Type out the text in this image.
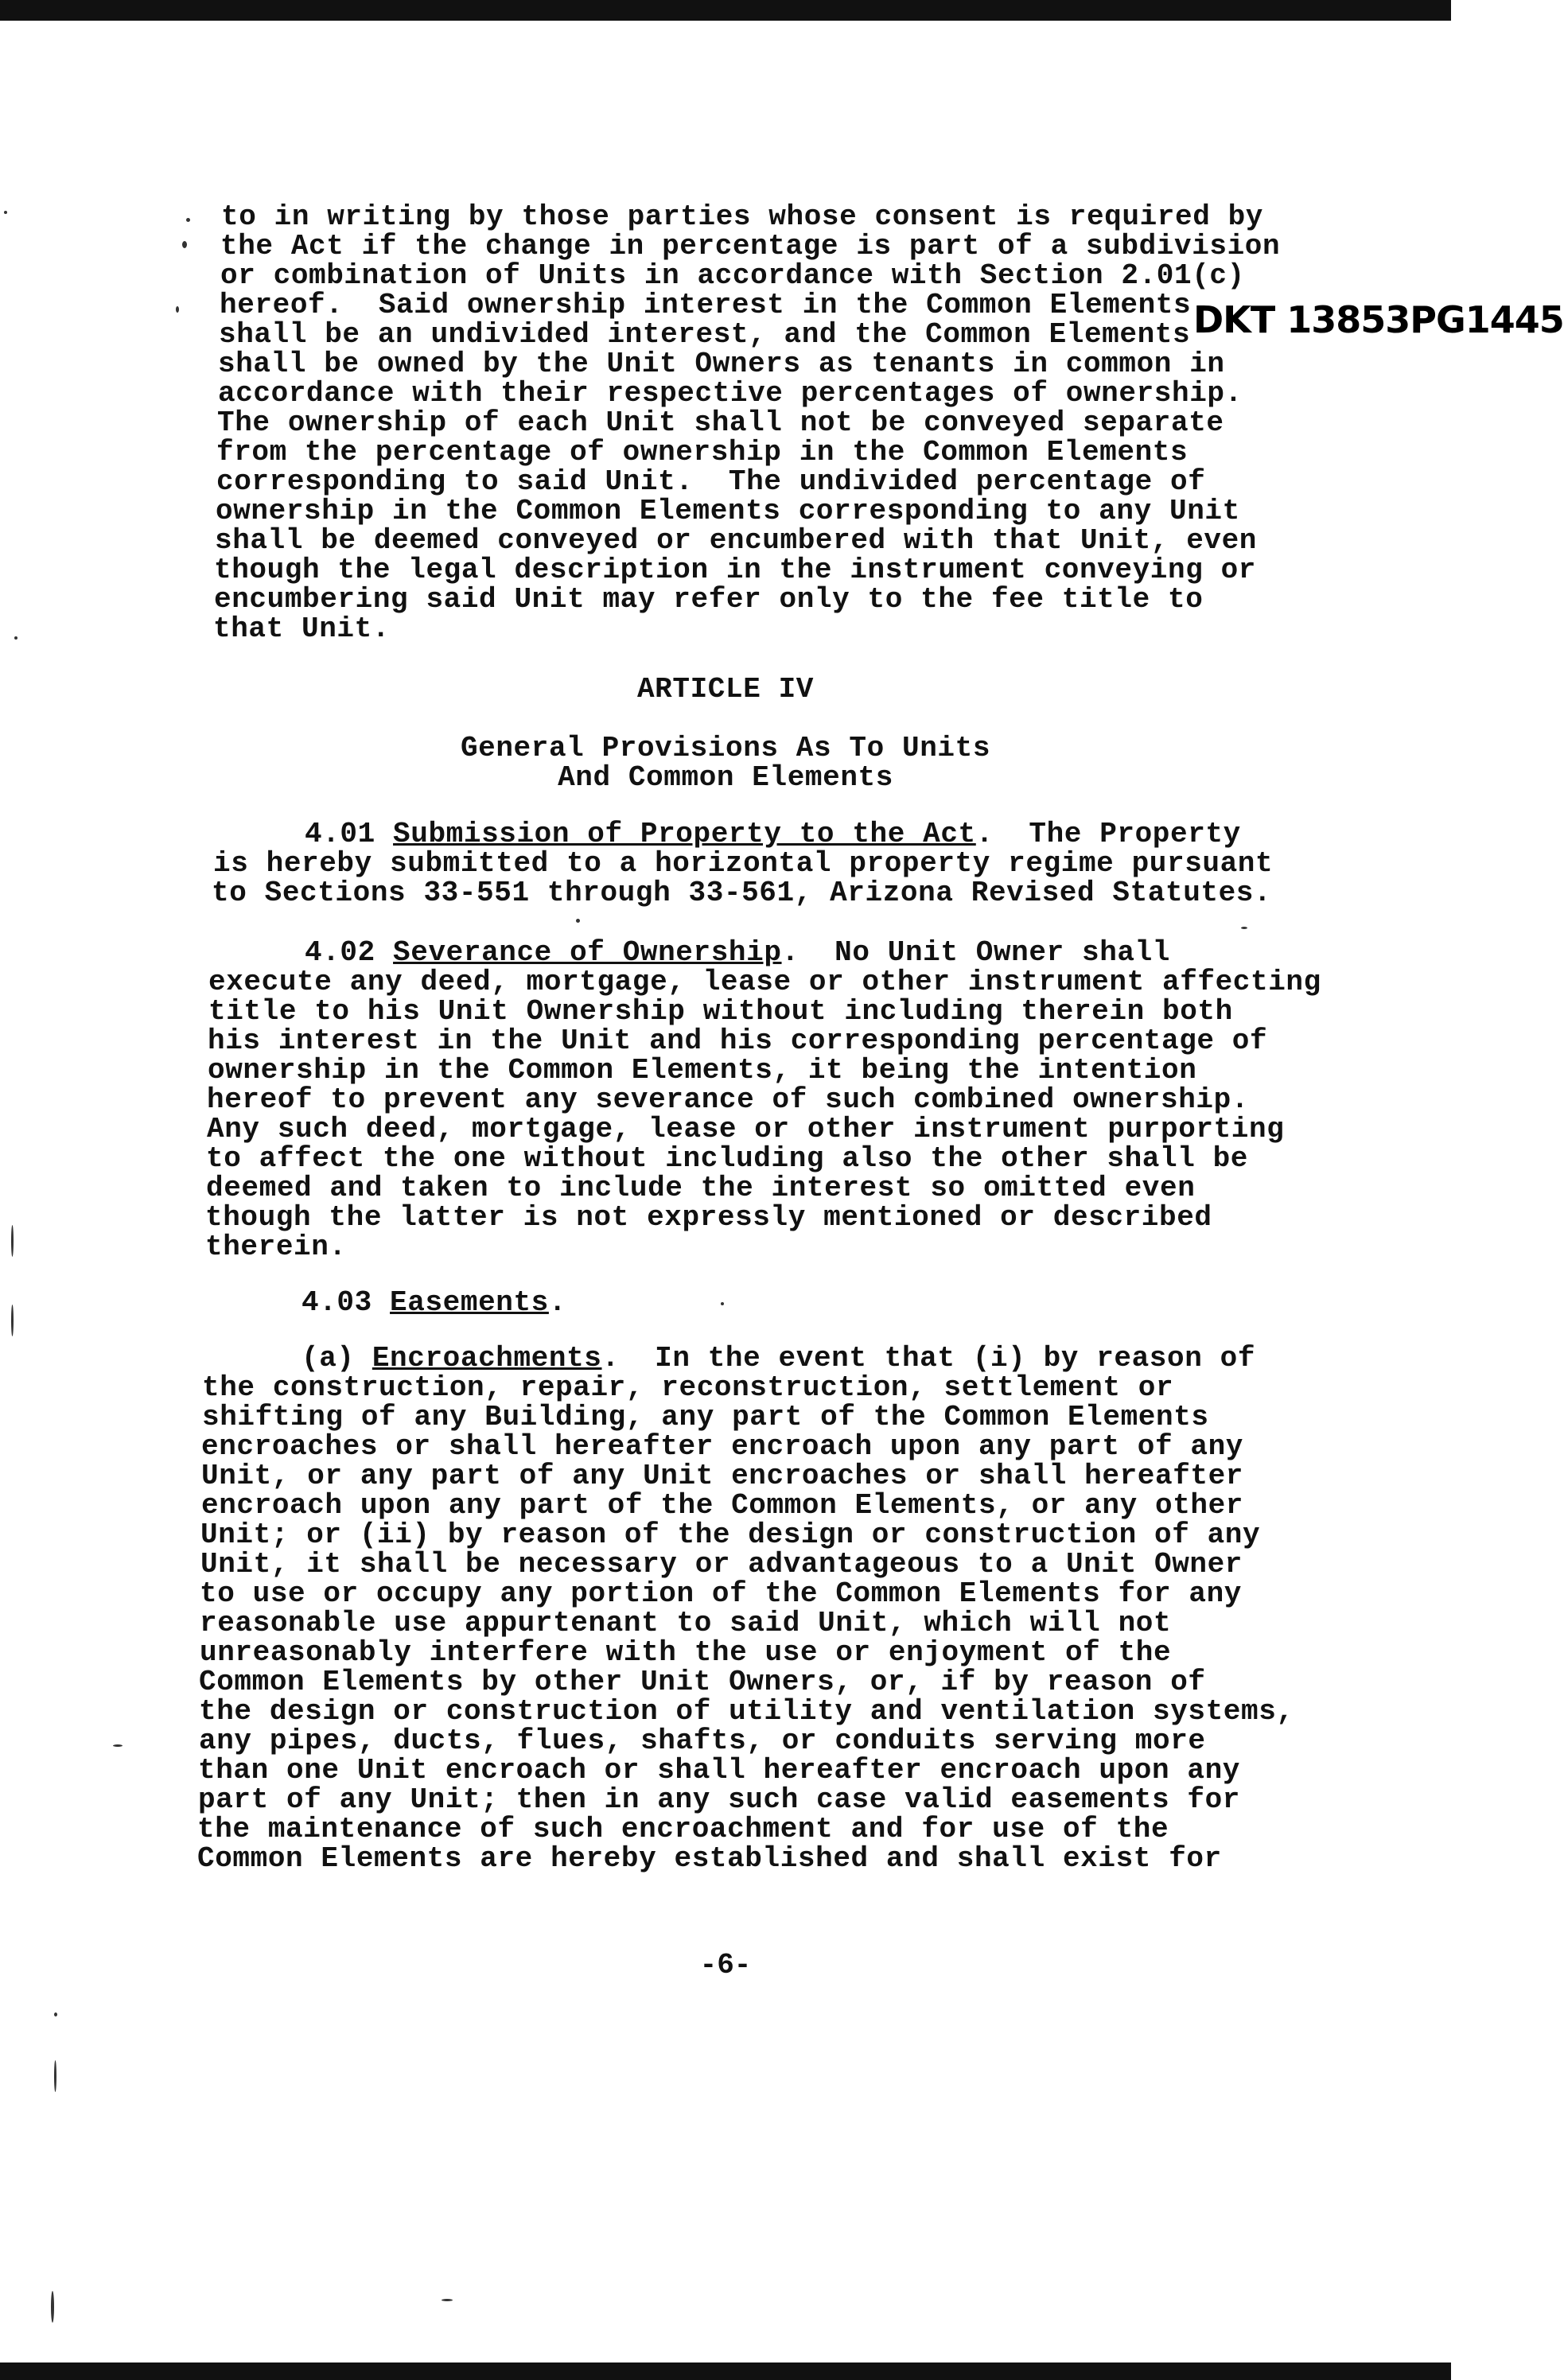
DKT 13853PG1445
to in writing by those parties whose consent is required by
the Act if the change in percentage is part of a subdivision
or combination of Units in accordance with Section 2.01(c)
hereof.  Said ownership interest in the Common Elements
shall be an undivided interest, and the Common Elements
shall be owned by the Unit Owners as tenants in common in
accordance with their respective percentages of ownership.
The ownership of each Unit shall not be conveyed separate
from the percentage of ownership in the Common Elements
corresponding to said Unit.  The undivided percentage of
ownership in the Common Elements corresponding to any Unit
shall be deemed conveyed or encumbered with that Unit, even
though the legal description in the instrument conveying or
encumbering said Unit may refer only to the fee title to
that Unit.
ARTICLE IV
General Provisions As To Units
And Common Elements
4.01 Submission of Property to the Act.  The Property
is hereby submitted to a horizontal property regime pursuant
to Sections 33-551 through 33-561, Arizona Revised Statutes.
4.02 Severance of Ownership.  No Unit Owner shall
execute any deed, mortgage, lease or other instrument affecting
title to his Unit Ownership without including therein both
his interest in the Unit and his corresponding percentage of
ownership in the Common Elements, it being the intention
hereof to prevent any severance of such combined ownership.
Any such deed, mortgage, lease or other instrument purporting
to affect the one without including also the other shall be
deemed and taken to include the interest so omitted even
though the latter is not expressly mentioned or described
therein.
4.03 Easements.
(a) Encroachments.  In the event that (i) by reason of
the construction, repair, reconstruction, settlement or
shifting of any Building, any part of the Common Elements
encroaches or shall hereafter encroach upon any part of any
Unit, or any part of any Unit encroaches or shall hereafter
encroach upon any part of the Common Elements, or any other
Unit; or (ii) by reason of the design or construction of any
Unit, it shall be necessary or advantageous to a Unit Owner
to use or occupy any portion of the Common Elements for any
reasonable use appurtenant to said Unit, which will not
unreasonably interfere with the use or enjoyment of the
Common Elements by other Unit Owners, or, if by reason of
the design or construction of utility and ventilation systems,
any pipes, ducts, flues, shafts, or conduits serving more
than one Unit encroach or shall hereafter encroach upon any
part of any Unit; then in any such case valid easements for
the maintenance of such encroachment and for use of the
Common Elements are hereby established and shall exist for
-6-
